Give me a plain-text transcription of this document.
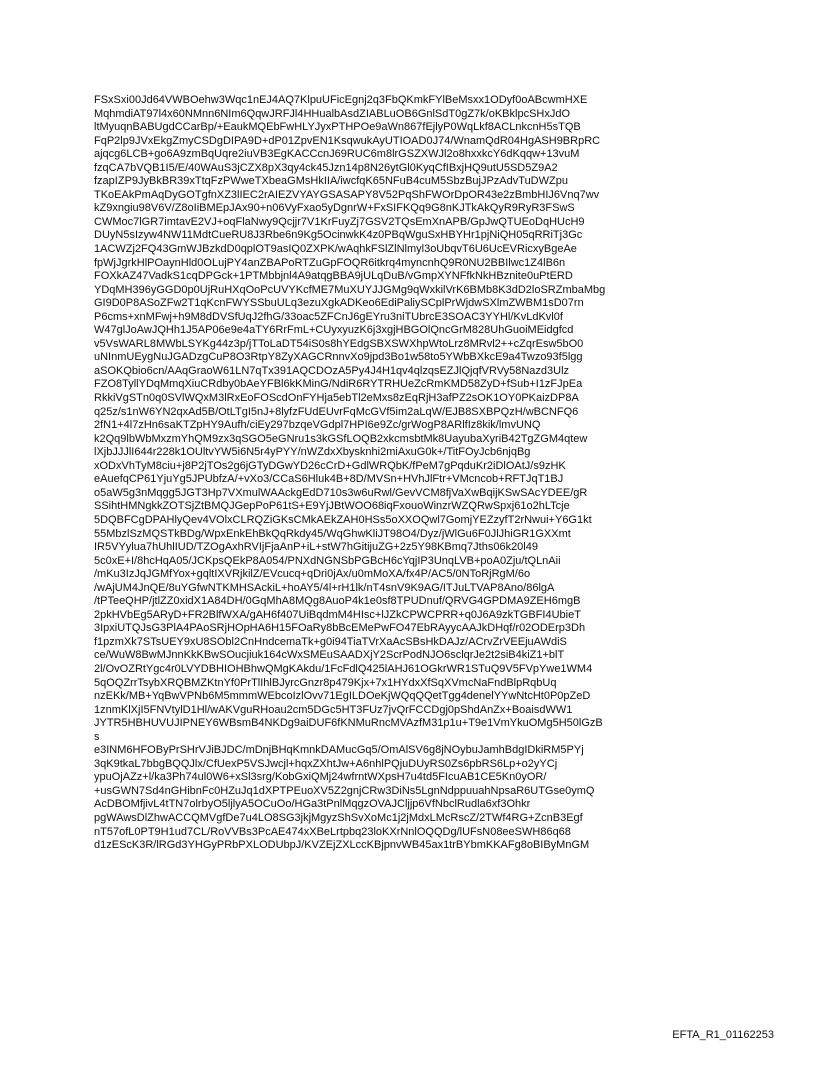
FSxSxi00Jd64VWBOehw3Wqc1nEJ4AQ7KlpuUFicEgnj2q3FbQKmkFYlBeMsxx1ODyf0oABcwmHXE
MqhmdiAT97l4x60NMnn6NIm6QqwJRFJl4HHualbAsdZIABLuOB6GnlSdT0gZ7k/oKBklpcSHxJdO
ltMyuqnBABUgdCCarBp/+EaukMQEbFwHLYJyxPTHPOe9aWn867fEjlyP0WqLkf8ACLnkcnH5sTQB
FqP2lp9JVxEkgZmyCSDgDIPA9D+dP01ZpvEN1KsqwukAyUTIOAD0J74/WnamQdR04HgASH9BRpRC
ajqcg6LCB+go6A9zmBqUqre2iuVB3EgKACCcnJ69RUC6m8lrGSZXWJl2o8hxxkcY6dKqqw+13vuM
fzqCA7bVQB1I5/E/40WAuS3jCZX8pX3qy4ck45Jzn14p8N26ytGl0KyqCfIBxjHQ9utU5SD5Z9A2
fzapIZP9JyBkBR39xTtqFzPWweTXbeaGMsHkIIA/iwcfqK65NFuB4cuM5SbzBujJPzAdvTuDWZpu
TKoEAkPmAqDyGOTgfnXZ3lIEC2rAIEZVYAYGSASAPY8V52PqShFWOrDpOR43e2zBmbHIJ6Vnq7wv
kZ9xngiu98V6V/Z8oIiBMEpJAx90+n06VyFxao5yDgnrW+FxSIFKQq9G8nKJTkAkQyR9RyR3FSwS
CWMoc7lGR7imtavE2VJ+oqFlaNwy9Qcjjr7V1KrFuyZj7GSV2TQsEmXnAPB/GpJwQTUEoDqHUcH9
DUyN5sIzyw4NW11MdtCueRU8J3Rbe6n9Kg5OcinwkK4z0PBqWguSxHBYHr1pjNiQH05qRRiTj3Gc
1ACWZj2FQ43GmWJBzkdD0qplOT9asIQ0ZXPK/wAqhkFSlZlNlmyl3oUbqvT6U6UcEVRicxyBgeAe
fpWjJgrkHlPOaynHld0OLujPY4anZBAPoRTZuGpFOQR6itkrq4myncnhQ9R0NU2BBIlwc1Z4lB6n
FOXkAZ47VadkS1cqDPGck+1PTMbbjnl4A9atqgBBA9jULqDuB/vGmpXYNFfkNkHBznite0uPtERD
YDqMH396yGGD0p0UjRuHXqOoPcUVYKcfME7MuXUYJJGMg9qWxkilVrK6BMb8K3dD2loSRZmbaMbg
GI9D0P8ASoZFw2T1qKcnFWYSSbuULq3ezuXgkADKeo6EdiPaliySCplPrWjdwSXlmZWBM1sD07rn
P6cms+xnMFwj+h9M8dDVSfUqJ2fhG/33oac5ZFCnJ6gEYru3niTUbrcE3SOAC3YYHl/KvLdKvl0f
W47glJoAwJQHh1J5AP06e9e4aTY6RrFmL+CUyxyuzK6j3xgjHBGOlQncGrM828UhGuoiMEidgfcd
v5VsWARL8MWbLSYKg44z3p/jTToLaDT54iS0s8hYEdgSBXSWXhpWtoLrz8MRvl2++cZqrEsw5bO0
uNInmUEygNuJGADzgCuP8O3RtpY8ZyXAGCRnnvXo9jpd3Bo1w58to5YWbBXkcE9a4Twzo93f5lgg
aSOKQbio6cn/AAqGraoW61LN7qTx391AQCDOzA5Py4J4H1qv4qlzqsEZJlQjqfVRVy58Nazd3Ulz
FZO8TyllYDqMmqXiuCRdby0bAeYFBl6kKMinG/NdiR6RYTRHUeZcRmKMD58ZyD+fSub+I1zFJpEa
RkkiVgSTn0q0SVlWQxM3lRxEoFOScdOnFYHja5ebTl2eMxs8zEqRjH3afPZ2sOK1OY0PKaizDP8A
q25z/s1nW6YN2qxAd5B/OtLTgI5nJ+8lyfzFUdEUvrFqMcGVf5im2aLqW/EJB8SXBPQzH/wBCNFQ6
2fN1+4l7zHn6saKTZpHY9Aufh/ciEy297bzqeVGdpl7HPI6e9Zc/grWogP8ARlfIz8kik/lmvUNQ
k2Qq9lbWbMxzmYhQM9zx3qSGO5eGNru1s3kGSfLOQB2xkcmsbtMk8UayubaXyriB42TgZGM4qtew
lXjbJJJlI644r228k1OUltvYW5i6N5r4yPYY/nWZdxXbysknhi2miAxuG0k+/TitFOyJcb6njqBg
xODxVhTyM8ciu+j8P2jTOs2g6jGTyDGwYD26cCrD+GdlWRQbK/fPeM7gPqduKr2iDlOAtJ/s9zHK
eAuefqCP61YjuYg5JPUbfzA/+vXo3/CCaS6Hluk4B+8D/MVSn+HVhJlFtr+VMcncob+RFTJqT1BJ
o5aW5g3nMqgg5JGT3Hp7VXmulWAAckgEdD710s3w6uRwl/GevVCM8fjVaXwBqijKSwSAcYDEE/gR
SSihtHMNgkkZOTSjZtBMQJGepPoP61tS+E9YjJBtWOO68iqFxouoWinzrWZQRwSpxj61o2hLTcje
5DQBFCgDPAHlyQev4VOlxCLRQZiGKsCMkAEkZAH0HSs5oXXOQwl7GomjYEZzyfT2rNwui+Y6G1kt
55MbzlSzMQSTkBDg/WpxEnkEhBkQqRkdy45/WqGhwKliJT98O4/Dyz/jWlGu6F0JlJhiGR1GXXmt
IR5VYylua7hUhlIUD/TZOgAxhRVIjFjaAnP+iL+stW7hGitijuZG+2z5Y98KBmq7Jths06k20l49
5c0xE+I/8hcHqA05/JCKpsQEkP8A054/PNXdNGNSbPGBcH6cYqjIP3UnqLVB+poA0Zju/tQLnAii
/mKu3IzJqJGMfYox+gqltIXVRjkilZ/EVcucq+qDri0jAx/u0mMoXA/fx4P/AC5/0NToRjRgM/6o
/wAjUM4JnQE/8uYGfwNTKMHSAckiL+hoAY5/4l+rH1lk/nT4snV9K9AG/ITJuLTVAP8Ano/86lgA
/tPTeeQHP/jtlZZ0xidX1A84DH/0GqMhA8MQg8AuoP4k1e0sf8TPUDnuf/QRVG4GPDMA9ZEH6mgB
2pkHVbEg5ARyD+FR2BlfWXA/gAH6f407UiBqdmM4HIsc+lJZkCPWCPRR+q0J6A9zkTGBFI4UbieT
3IpxiUTQJsG3PlA4PAoSRjHOpHA6H15FOaRy8bBcEMePwFO47EbRAyycAAJkDHqf/r02ODErp3Dh
f1pzmXk7STsUEY9xU8SObl2CnHndcemaTk+g0i94TiaTVrXaAcSBsHkDAJz/ACrvZrVEEjuAWdiS
ce/WuW8BwMJnnKkKBwSOucjiuk164cWxSMEuSAADXjY2ScrPodNJO6sclqrJe2t2siB4kiZ1+blT
2l/OvOZRtYgc4r0LVYDBHIOHBhwQMgKAkdu/1FcFdlQ425lAHJ61OGkrWR1STuQ9V5FVpYwe1WM4
5qOQZrrTsybXRQBMZKtnYf0PrTlIhlBJyrcGnzr8p479Kjx+7x1HYdxXfSqXVmcNaFndBlpRqbUq
nzEKk/MB+YqBwVPNb6M5mmmWEbcoIzlOvv71EgILDOeKjWQqQQetTgg4denelYYwNtcHt0P0pZeD
1znmKlXjI5FNVtylD1Hl/wAKVguRHoau2cm5DGc5HT3FUz7jvQrFCCDgj0pShdAnZx+BoaisdWW1
JYTR5HBHUVUJIPNEY6WBsmB4NKDg9aiDUF6fKNMuRncMVAzfM31p1u+T9e1VmYkuOMg5H50lGzB
s
e3INM6HFOByPrSHrVJiBJDC/mDnjBHqKmnkDAMucGq5/OmAlSV6g8jNOybuJamhBdgIDkiRM5PYj
3qK9tkaL7bbgBQQJlx/CfUexP5VSJwcjl+hqxZXhtJw+A6nhlPQjuDUyRS0Zs6pbRS6Lp+o2yYCj
ypuOjAZz+l/ka3Ph74ul0W6+xSl3srg/KobGxiQMj24wfrntWXpsH7u4td5FIcuAB1CE5Kn0yOR/
+usGWN7Sd4nGHibnFc0HZuJq1dXPTPEuoXV5Z2gnjCRw3DiNs5LgnNdppuuahNpsaR6UTGse0ymQ
AcDBOMfjivL4tTN7olrbyO5ljlyA5OCuOo/HGa3tPnlMqgzOVAJCljjp6VfNbclRudla6xf3Ohkr
pgWAwsDlZhwACCQMVgfDe7u4LO8SG3jkjMgyzShSvXoMc1j2jMdxLMcRscZ/2TWf4RG+ZcnB3Egf
nT57ofL0PT9H1ud7CL/RoVVBs3PcAE474xXBeLrtpbq23loKXrNnlOQQDg/lUFsN08eeSWH86q68
d1zEScK3R/lRGd3YHGyPRbPXLODUbpJ/KVZEjZXLccKBjpnvWB45ax1trBYbmKKAFg8oBIByMnGM
EFTA_R1_01162253
